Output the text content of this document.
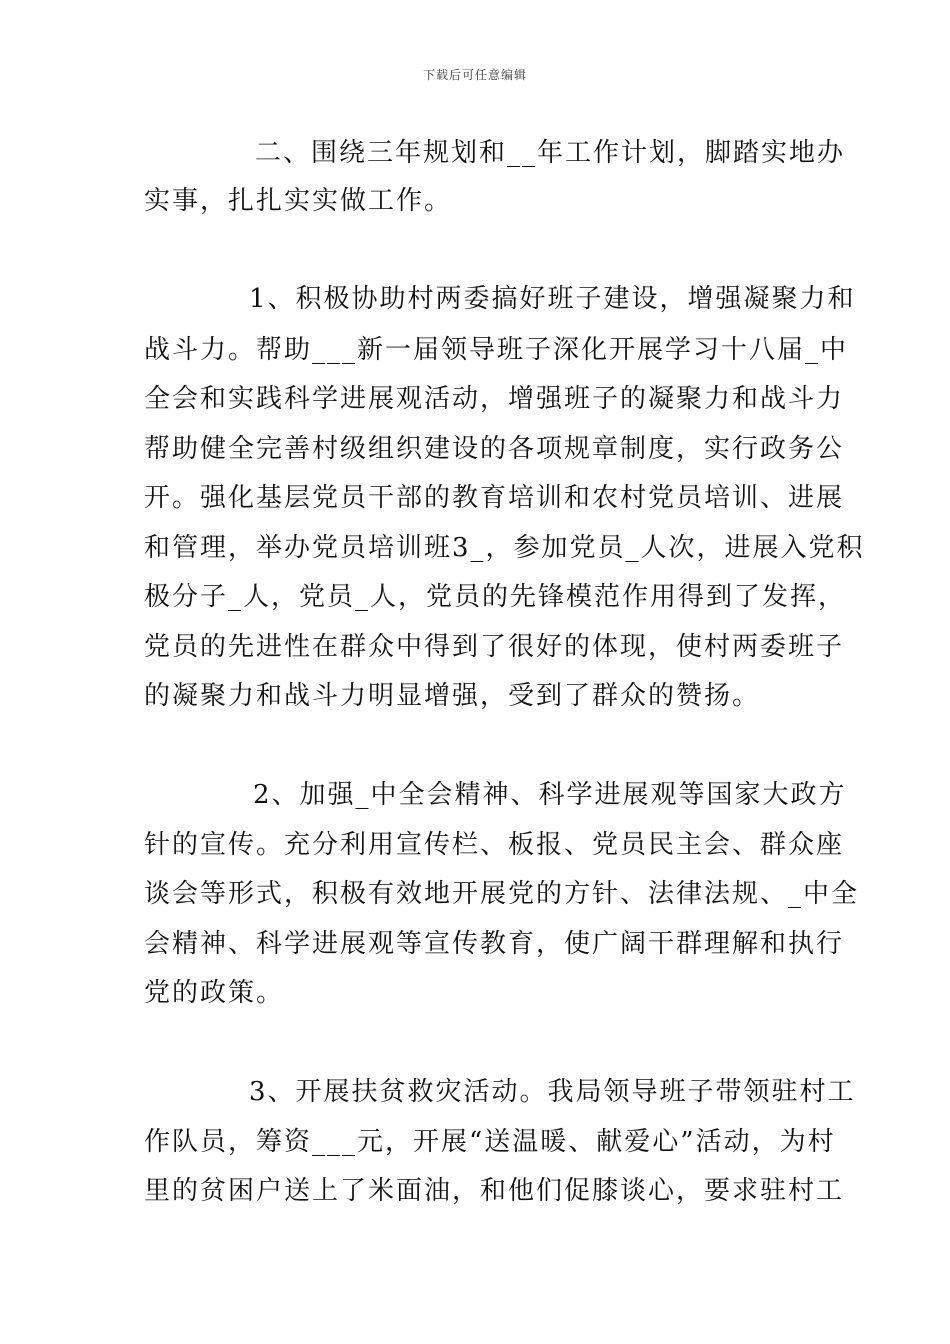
下载后可任意编辑
二、围绕三年规划和__年工作计划，脚踏实地办
实事，扎扎实实做工作。
1、积极协助村两委搞好班子建设，增强凝聚力和
战斗力。帮助___新一届领导班子深化开展学习十八届_中
全会和实践科学进展观活动，增强班子的凝聚力和战斗力
帮助健全完善村级组织建设的各项规章制度，实行政务公
开。强化基层党员干部的教育培训和农村党员培训、进展
和管理，举办党员培训班3_，参加党员_人次，进展入党积
极分子_人，党员_人，党员的先锋模范作用得到了发挥，
党员的先进性在群众中得到了很好的体现，使村两委班子
的凝聚力和战斗力明显增强，受到了群众的赞扬。
2、加强_中全会精神、科学进展观等国家大政方
针的宣传。充分利用宣传栏、板报、党员民主会、群众座
谈会等形式，积极有效地开展党的方针、法律法规、_中全
会精神、科学进展观等宣传教育，使广阔干群理解和执行
党的政策。
3、开展扶贫救灾活动。我局领导班子带领驻村工
作队员，筹资___元，开展“送温暖、献爱心”活动，为村
里的贫困户送上了米面油，和他们促膝谈心，要求驻村工
